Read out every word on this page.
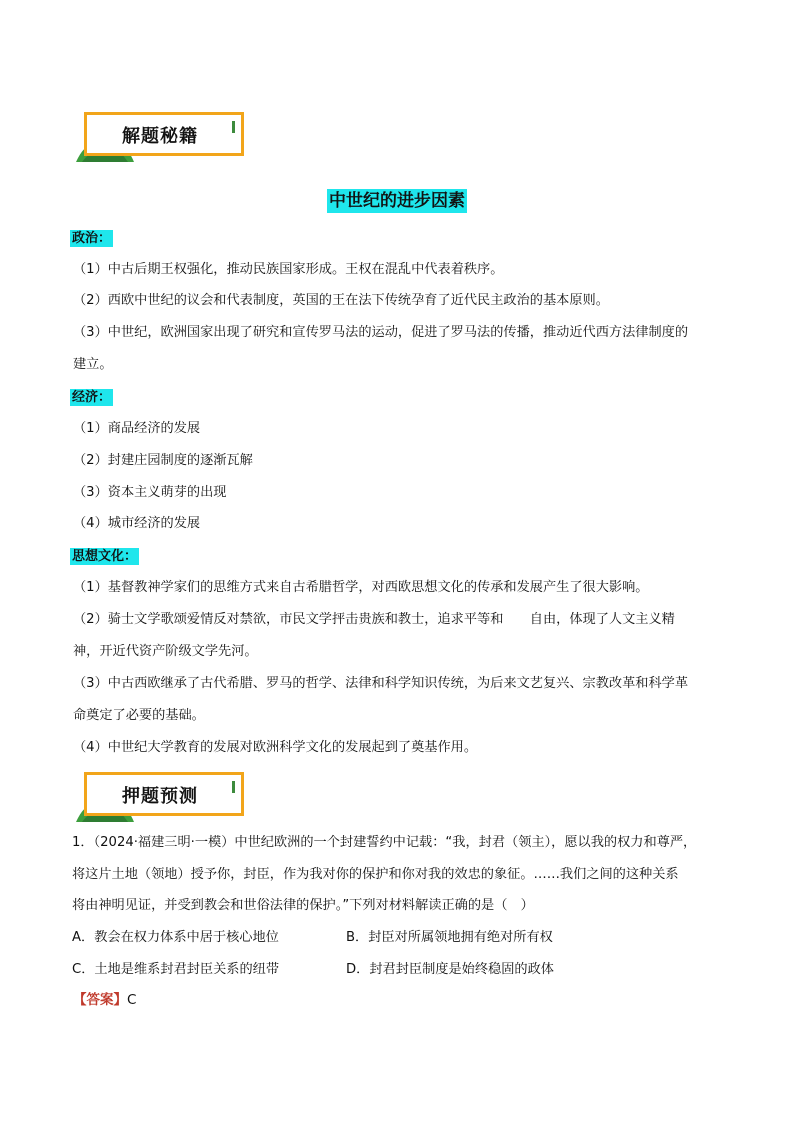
解题秘籍
中世纪的进步因素
政治：
（1）中古后期王权强化，推动民族国家形成。王权在混乱中代表着秩序。
（2）西欧中世纪的议会和代表制度，英国的王在法下传统孕育了近代民主政治的基本原则。
（3）中世纪，欧洲国家出现了研究和宣传罗马法的运动，促进了罗马法的传播，推动近代西方法律制度的
建立。
经济：
（1）商品经济的发展
（2）封建庄园制度的逐渐瓦解
（3）资本主义萌芽的出现
（4）城市经济的发展
思想文化：
（1）基督教神学家们的思维方式来自古希腊哲学，对西欧思想文化的传承和发展产生了很大影响。
（2）骑士文学歌颂爱情反对禁欲，市民文学抨击贵族和教士，追求平等和　　自由，体现了人文主义精
神，开近代资产阶级文学先河。
（3）中古西欧继承了古代希腊、罗马的哲学、法律和科学知识传统，为后来文艺复兴、宗教改革和科学革
命奠定了必要的基础。
（4）中世纪大学教育的发展对欧洲科学文化的发展起到了奠基作用。
押题预测
1．（2024·福建三明·一模）中世纪欧洲的一个封建誓约中记载：“我，封君（领主），愿以我的权力和尊严，
将这片土地（领地）授予你，封臣，作为我对你的保护和你对我的效忠的象征。……我们之间的这种关系
将由神明见证，并受到教会和世俗法律的保护。”下列对材料解读正确的是（　）
A．教会在权力体系中居于核心地位	B．封臣对所属领地拥有绝对所有权
C．土地是维系封君封臣关系的纽带	D．封君封臣制度是始终稳固的政体
【答案】C
